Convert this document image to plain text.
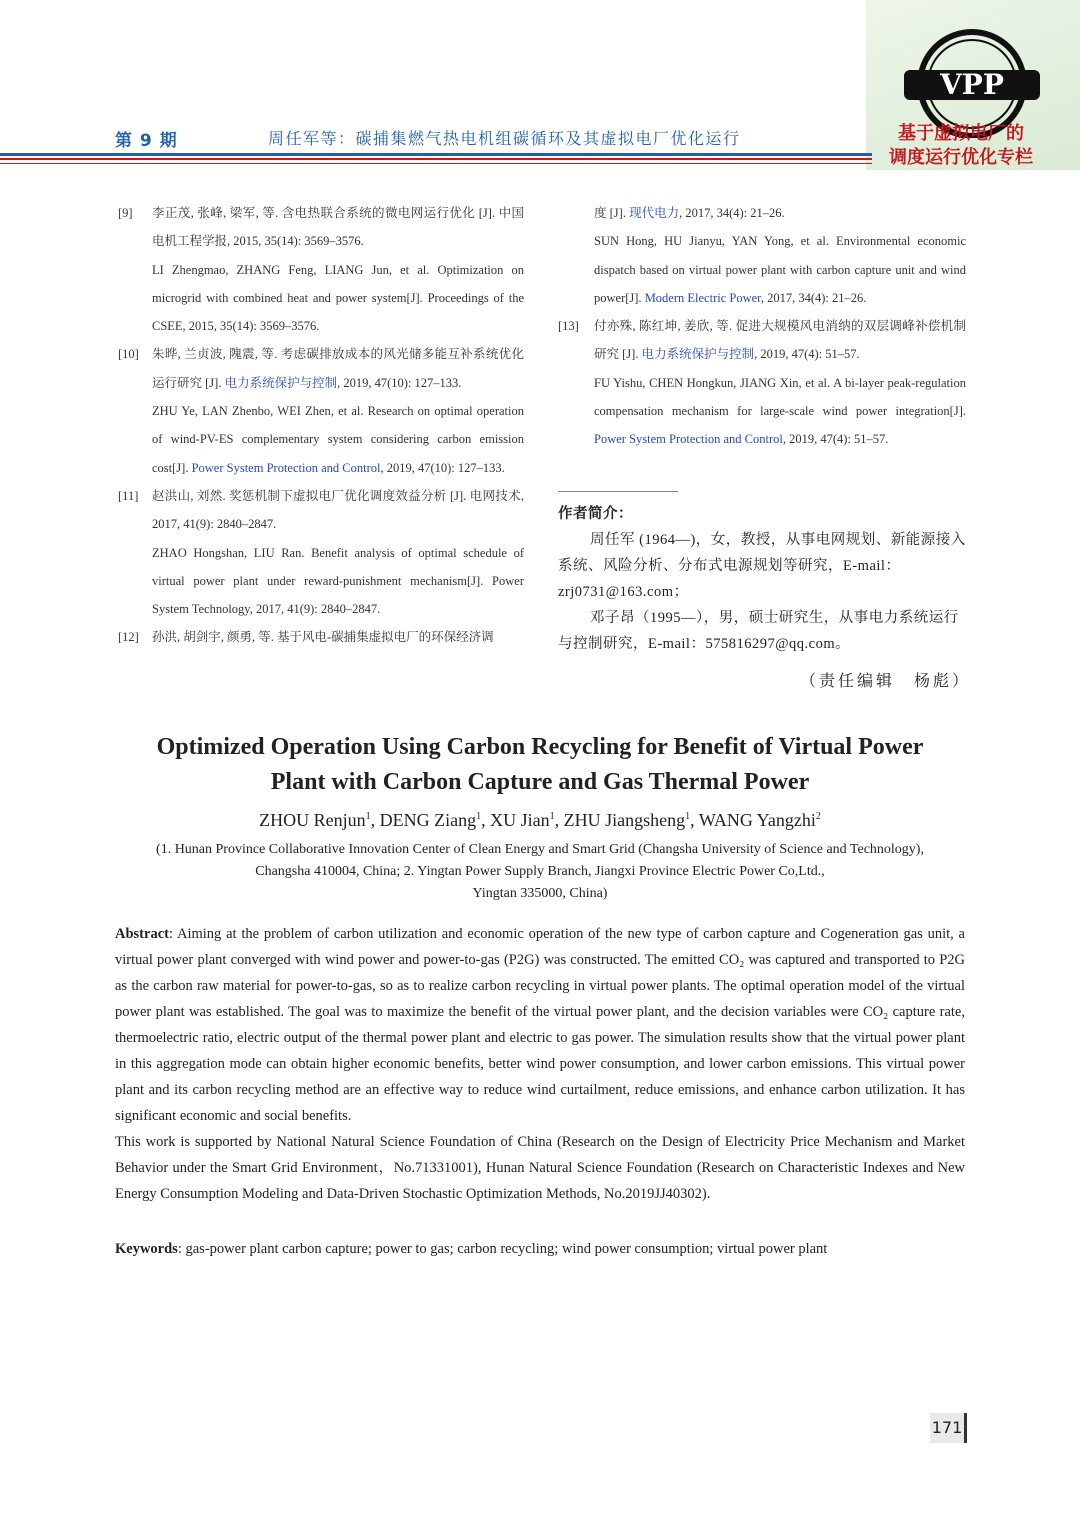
VPP
第 9 期	周任军等：碳捕集燃气热电机组碳循环及其虚拟电厂优化运行	基于虚拟电厂的
调度运行优化专栏
[9]	李正茂, 张峰, 梁军, 等. 含电热联合系统的微电网运行优化 [J]. 中国电机工程学报, 2015, 35(14): 3569–3576.

LI Zhengmao, ZHANG Feng, LIANG Jun, et al. Optimization on microgrid with combined heat and power system[J]. Proceedings of the CSEE, 2015, 35(14): 3569–3576.

[10]	朱晔, 兰贞波, 隗震, 等. 考虑碳排放成本的风光储多能互补系统优化运行研究 [J]. 电力系统保护与控制, 2019, 47(10): 127–133.

ZHU Ye, LAN Zhenbo, WEI Zhen, et al. Research on optimal operation of wind-PV-ES complementary system considering carbon emission cost[J]. Power System Protection and Control, 2019, 47(10): 127–133.

[11]	赵洪山, 刘然. 奖惩机制下虚拟电厂优化调度效益分析 [J]. 电网技术, 2017, 41(9): 2840–2847.

ZHAO Hongshan, LIU Ran. Benefit analysis of optimal schedule of virtual power plant under reward-punishment mechanism[J]. Power System Technology, 2017, 41(9): 2840–2847.

[12]	孙洪, 胡剑宇, 颜勇, 等. 基于风电-碳捕集虚拟电厂的环保经济调

度 [J]. 现代电力, 2017, 34(4): 21–26.

SUN Hong, HU Jianyu, YAN Yong, et al. Environmental economic dispatch based on virtual power plant with carbon capture unit and wind power[J]. Modern Electric Power, 2017, 34(4): 21–26.

[13]	付亦殊, 陈红坤, 姜欣, 等. 促进大规模风电消纳的双层调峰补偿机制研究 [J]. 电力系统保护与控制, 2019, 47(4): 51–57.

FU Yishu, CHEN Hongkun, JIANG Xin, et al. A bi-layer peak-regulation compensation mechanism for large-scale wind power integration[J]. Power System Protection and Control, 2019, 47(4): 51–57.

作者简介：

周任军 (1964—)，女，教授，从事电网规划、新能源接入系统、风险分析、分布式电源规划等研究，E-mail：zrj0731@163.com；

邓子昂（1995—），男，硕士研究生，从事电力系统运行与控制研究，E-mail：575816297@qq.com。

（责任编辑　杨彪）
Optimized Operation Using Carbon Recycling for Benefit of Virtual Power
Plant with Carbon Capture and Gas Thermal Power
ZHOU Renjun$^1$, DENG Ziang$^1$, XU Jian$^1$, ZHU Jiangsheng$^1$, WANG Yangzhi$^2$
(1. Hunan Province Collaborative Innovation Center of Clean Energy and Smart Grid (Changsha University of Science and Technology),
Changsha 410004, China; 2. Yingtan Power Supply Branch, Jiangxi Province Electric Power Co,Ltd.,
Yingtan 335000, China)

Abstract: Aiming at the problem of carbon utilization and economic operation of the new type of carbon capture and Cogeneration gas unit, a virtual power plant converged with wind power and power-to-gas (P2G) was constructed. The emitted CO₂ was captured and transported to P2G as the carbon raw material for power-to-gas, so as to realize carbon recycling in virtual power plants. The optimal operation model of the virtual power plant was established. The goal was to maximize the benefit of the virtual power plant, and the decision variables were CO₂ capture rate, thermoelectric ratio, electric output of the thermal power plant and electric to gas power. The simulation results show that the virtual power plant in this aggregation mode can obtain higher economic benefits, better wind power consumption, and lower carbon emissions. This virtual power plant and its carbon recycling method are an effective way to reduce wind curtailment, reduce emissions, and enhance carbon utilization. It has significant economic and social benefits.

This work is supported by National Natural Science Foundation of China (Research on the Design of Electricity Price Mechanism and Market Behavior under the Smart Grid Environment，No.71331001), Hunan Natural Science Foundation (Research on Characteristic Indexes and New Energy Consumption Modeling and Data-Driven Stochastic Optimization Methods, No.2019JJ40302).

Keywords: gas-power plant carbon capture; power to gas; carbon recycling; wind power consumption; virtual power plant
171
